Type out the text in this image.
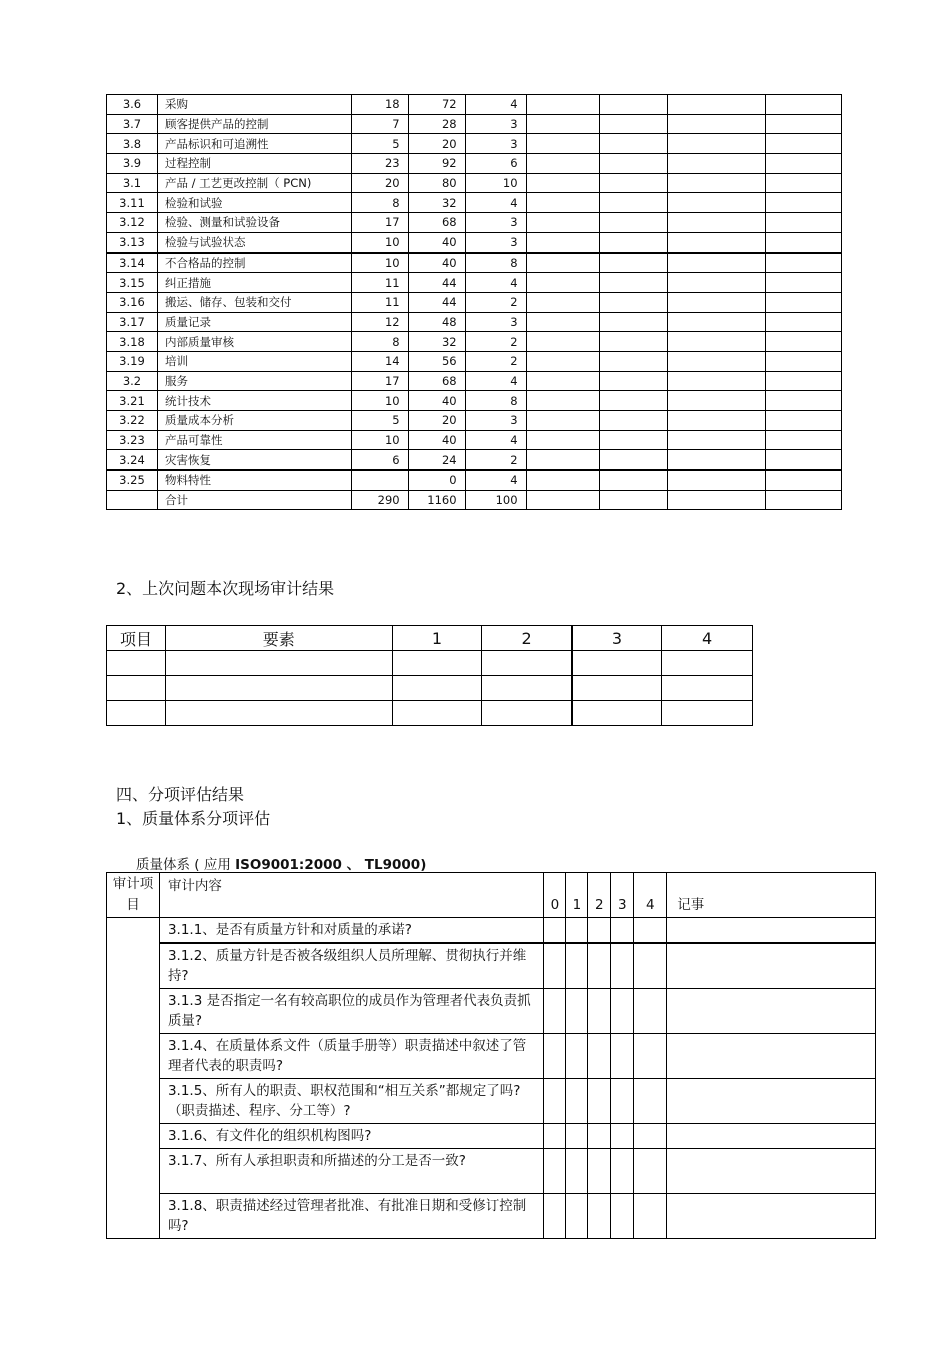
3.6	采购	18	72	4				
3.7	顾客提供产品的控制	7	28	3				
3.8	产品标识和可追溯性	5	20	3				
3.9	过程控制	23	92	6				
3.1	产品 / 工艺更改控制（ PCN)	20	80	10				
3.11	检验和试验	8	32	4				
3.12	检验、测量和试验设备	17	68	3				
3.13	检验与试验状态	10	40	3				
3.14	不合格品的控制	10	40	8				
3.15	纠正措施	11	44	4				
3.16	搬运、储存、包装和交付	11	44	2				
3.17	质量记录	12	48	3				
3.18	内部质量审核	8	32	2				
3.19	培训	14	56	2				
3.2	服务	17	68	4				
3.21	统计技术	10	40	8				
3.22	质量成本分析	5	20	3				
3.23	产品可靠性	10	40	4				
3.24	灾害恢复	6	24	2				
3.25	物料特性		0	4				
	合计	290	1160	100				
2、上次问题本次现场审计结果
项目	要素	1	2	3	4

四、分项评估结果
1、质量体系分项评估
质量体系 ( 应用 ISO9001:2000 、 TL9000)
审计项目	审计内容	0	1	2	3	4	记事
	3.1.1、是否有质量方针和对质量的承诺?						
	3.1.2、质量方针是否被各级组织人员所理解、贯彻执行并维持?						
	3.1.3 是否指定一名有较高职位的成员作为管理者代表负责抓质量?						
	3.1.4、在质量体系文件（质量手册等）职责描述中叙述了管理者代表的职责吗?						
	3.1.5、所有人的职责、职权范围和“相互关系”都规定了吗? （职责描述、程序、分工等）?						
	3.1.6、有文件化的组织机构图吗?						
	3.1.7、所有人承担职责和所描述的分工是否一致?						
	3.1.8、职责描述经过管理者批准、有批准日期和受修订控制吗?						
